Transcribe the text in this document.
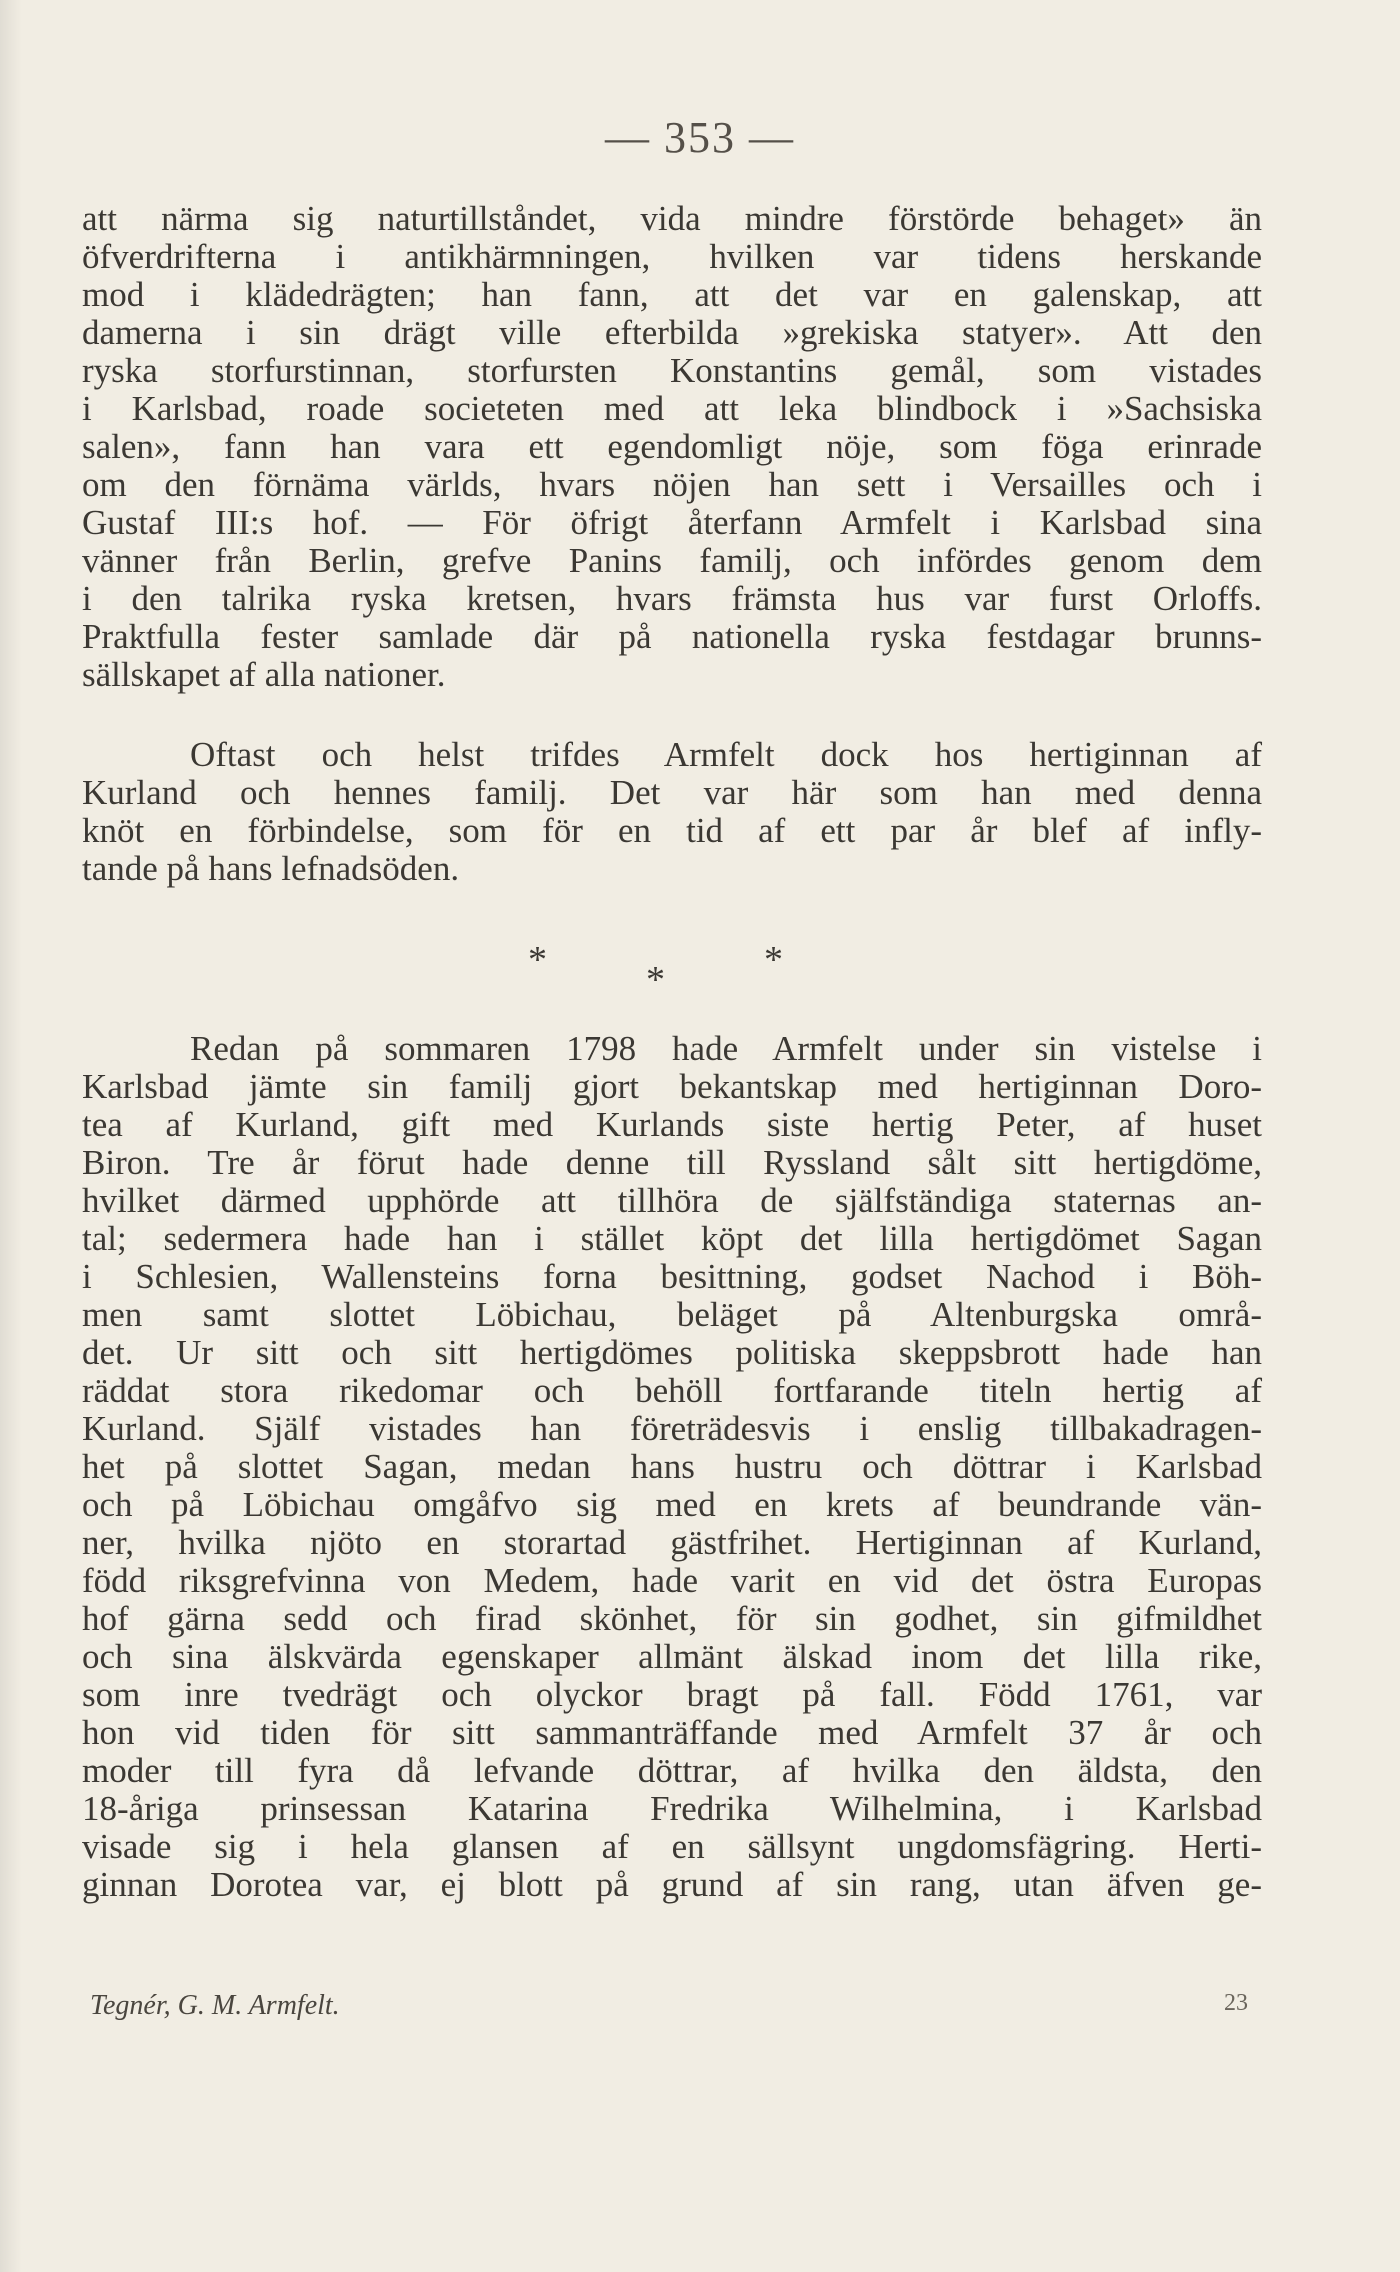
— 353 —
att närma sig naturtillståndet, vida mindre förstörde behaget» än
öfverdrifterna i antikhärmningen, hvilken var tidens herskande
mod i klädedrägten; han fann, att det var en galenskap, att
damerna i sin drägt ville efterbilda »grekiska statyer». Att den
ryska storfurstinnan, storfursten Konstantins gemål, som vistades
i Karlsbad, roade societeten med att leka blindbock i »Sachsiska
salen», fann han vara ett egendomligt nöje, som föga erinrade
om den förnäma världs, hvars nöjen han sett i Versailles och i
Gustaf III:s hof. — För öfrigt återfann Armfelt i Karlsbad sina
vänner från Berlin, grefve Panins familj, och infördes genom dem
i den talrika ryska kretsen, hvars främsta hus var furst Orloffs.
Praktfulla fester samlade där på nationella ryska festdagar brunns-
sällskapet af alla nationer.
Oftast och helst trifdes Armfelt dock hos hertiginnan af
Kurland och hennes familj. Det var här som han med denna
knöt en förbindelse, som för en tid af ett par år blef af infly-
tande på hans lefnadsöden.
*	*
*
Redan på sommaren 1798 hade Armfelt under sin vistelse i
Karlsbad jämte sin familj gjort bekantskap med hertiginnan Doro-
tea af Kurland, gift med Kurlands siste hertig Peter, af huset
Biron. Tre år förut hade denne till Ryssland sålt sitt hertigdöme,
hvilket därmed upphörde att tillhöra de själfständiga staternas an-
tal; sedermera hade han i stället köpt det lilla hertigdömet Sagan
i Schlesien, Wallensteins forna besittning, godset Nachod i Böh-
men samt slottet Löbichau, beläget på Altenburgska områ-
det. Ur sitt och sitt hertigdömes politiska skeppsbrott hade han
räddat stora rikedomar och behöll fortfarande titeln hertig af
Kurland. Själf vistades han företrädesvis i enslig tillbakadragen-
het på slottet Sagan, medan hans hustru och döttrar i Karlsbad
och på Löbichau omgåfvo sig med en krets af beundrande vän-
ner, hvilka njöto en storartad gästfrihet. Hertiginnan af Kurland,
född riksgrefvinna von Medem, hade varit en vid det östra Europas
hof gärna sedd och firad skönhet, för sin godhet, sin gifmildhet
och sina älskvärda egenskaper allmänt älskad inom det lilla rike,
som inre tvedrägt och olyckor bragt på fall. Född 1761, var
hon vid tiden för sitt sammanträffande med Armfelt 37 år och
moder till fyra då lefvande döttrar, af hvilka den äldsta, den
18-åriga prinsessan Katarina Fredrika Wilhelmina, i Karlsbad
visade sig i hela glansen af en sällsynt ungdomsfägring. Herti-
ginnan Dorotea var, ej blott på grund af sin rang, utan äfven ge-
Tegnér, G. M. Armfelt.	23
